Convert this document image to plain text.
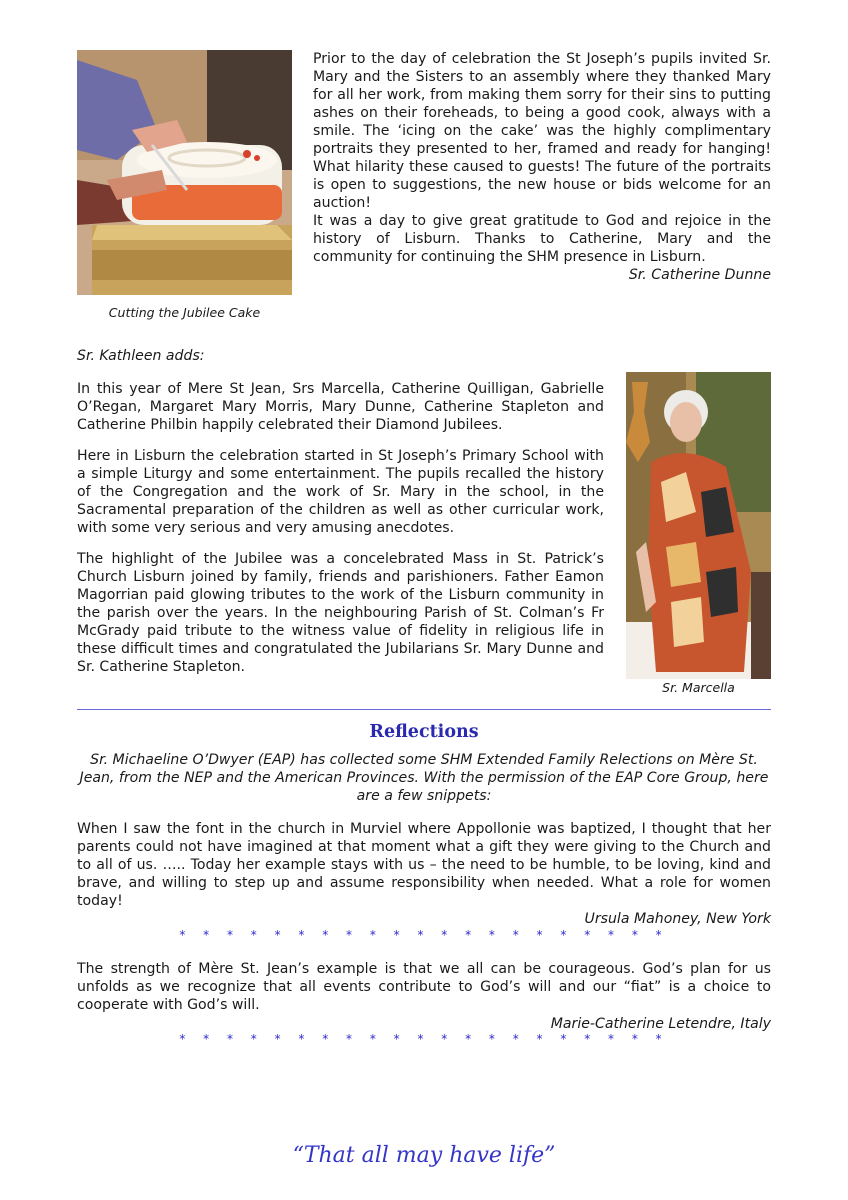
Cutting the Jubilee Cake

Prior to the day of celebration the St Joseph’s pupils invited Sr. Mary and the Sisters to an assembly where they thanked Mary for all her work, from making them sorry for their sins to putting ashes on their foreheads, to being a good cook, always with a smile. The ‘icing on the cake’ was the highly complimentary portraits they presented to her, framed and ready for hanging! What hilarity these caused to guests! The future of the portraits is open to suggestions, the new house or bids welcome for an auction!

It was a day to give great gratitude to God and rejoice in the history of Lisburn. Thanks to Catherine, Mary and the community for continuing the SHM presence in Lisburn.

Sr. Catherine Dunne

Sr. Kathleen adds:

In this year of Mere St Jean, Srs Marcella, Catherine Quilligan, Gabrielle O’Regan, Margaret Mary Morris, Mary Dunne, Catherine Stapleton and Catherine Philbin happily celebrated their Diamond Jubilees.

Here in Lisburn the celebration started in St Joseph’s Primary School with a simple Liturgy and some entertainment. The pupils recalled the history of the Congregation and the work of Sr. Mary in the school, in the Sacramental preparation of the children as well as other curricular work, with some very serious and very amusing anecdotes.

The highlight of the Jubilee was a concelebrated Mass in St. Patrick’s Church Lisburn joined by family, friends and parishioners. Father Eamon Magorrian paid glowing tributes to the work of the Lisburn community in the parish over the years. In the neighbouring Parish of St. Colman’s Fr McGrady paid tribute to the witness value of fidelity in religious life in these difficult times and congratulated the Jubilarians Sr. Mary Dunne and Sr. Catherine Stapleton.

Sr. Marcella
Reflections
Sr. Michaeline O’Dwyer (EAP) has collected some SHM Extended Family Relections on Mère St. Jean, from the NEP and the American Provinces. With the permission of the EAP Core Group, here are a few snippets:
When I saw the font in the church in Murviel where Appollonie was baptized, I thought that her parents could not have imagined at that moment what a gift they were giving to the Church and to all of us. ….. Today her example stays with us – the need to be humble, to be loving, kind and brave, and willing to step up and assume responsibility when needed. What a role for women today!
Ursula Mahoney, New York
* * * * * * * * * * * * * * * * * * * * *
The strength of Mère St. Jean’s example is that we all can be courageous. God’s plan for us unfolds as we recognize that all events contribute to God’s will and our “fiat” is a choice to cooperate with God’s will.
Marie-Catherine Letendre, Italy
* * * * * * * * * * * * * * * * * * * * *
“That all may have life”
